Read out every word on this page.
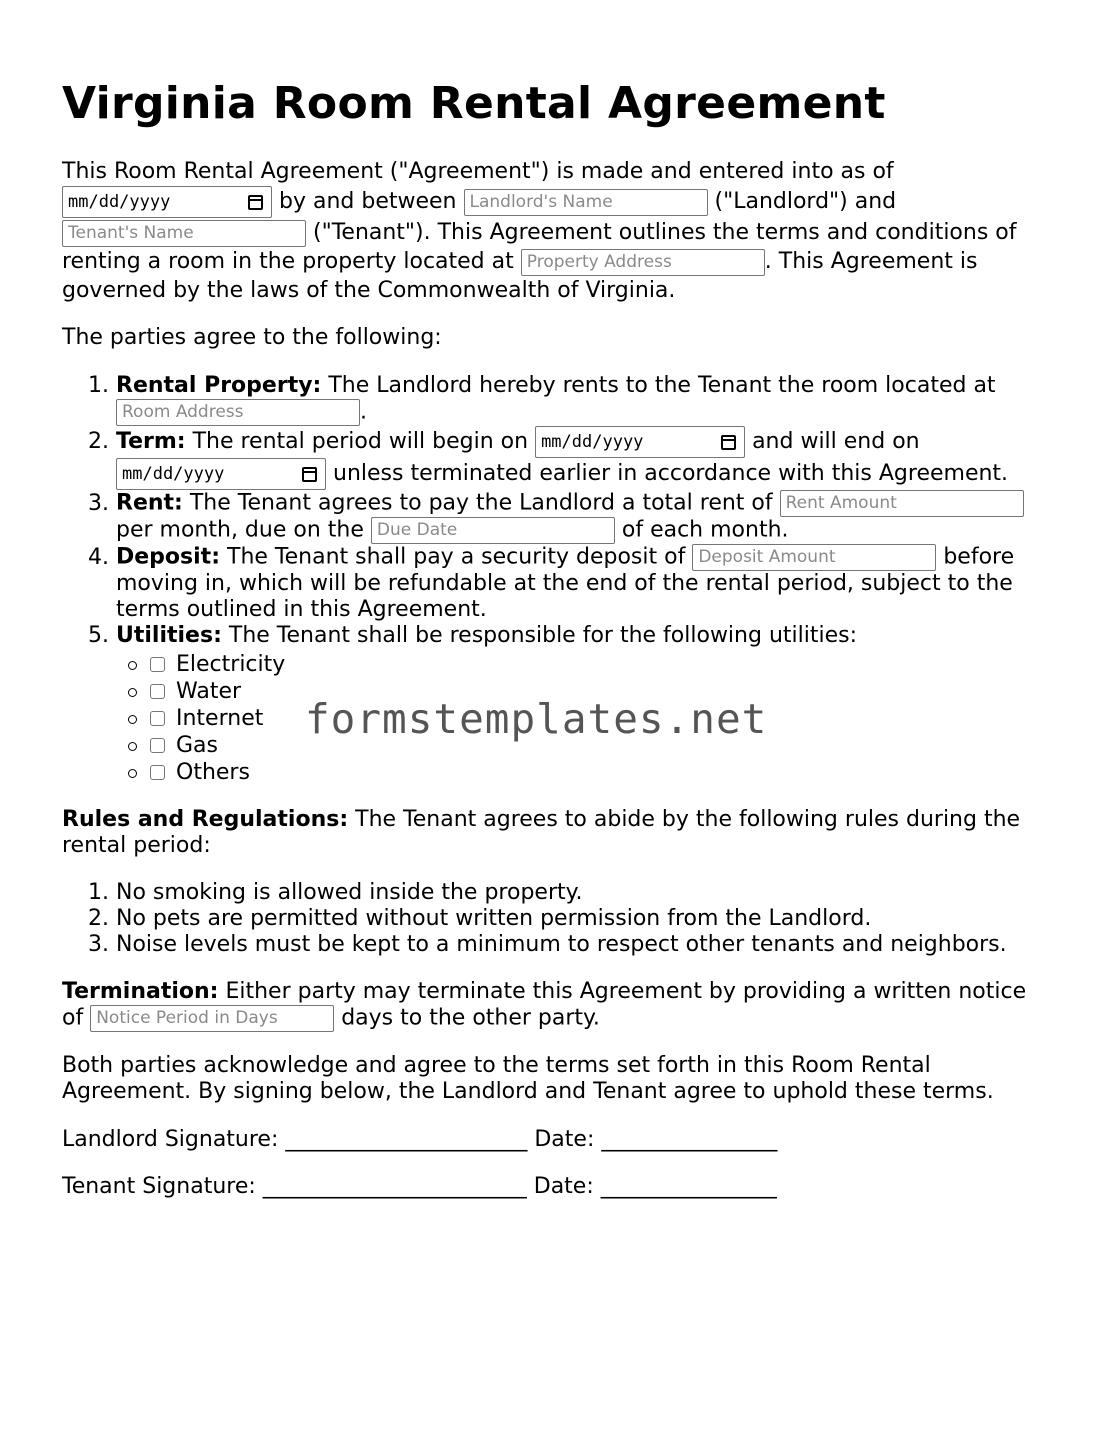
Virginia Room Rental Agreement

This Room Rental Agreement ("Agreement") is made and entered into as of

mm/dd/yyyy	by and between Landlord's Name	("Landlord") and
Tenant's Name	("Tenant"). This Agreement outlines the terms and conditions of renting a room in the property located at Property Address	. This Agreement is governed by the laws of the Commonwealth of Virginia.

The parties agree to the following:

1. Rental Property: The Landlord hereby rents to the Tenant the room located at Room Address	.
2. Term: The rental period will begin on mm/dd/yyyy	and will end on
mm/dd/yyyy	unless terminated earlier in accordance with this Agreement.
3. Rent: The Tenant agrees to pay the Landlord a total rent of Rent Amount per month, due on the Due Date	of each month.
4. Deposit: The Tenant shall pay a security deposit of Deposit Amount	before moving in, which will be refundable at the end of the rental period, subject to the terms outlined in this Agreement.
5. Utilities: The Tenant shall be responsible for the following utilities:
Electricity
Water
Internet
Gas
Others
formstemplates.net

Rules and Regulations: The Tenant agrees to abide by the following rules during the rental period:

1. No smoking is allowed inside the property.
2. No pets are permitted without written permission from the Landlord.
3. Noise levels must be kept to a minimum to respect other tenants and neighbors.

Termination: Either party may terminate this Agreement by providing a written notice of Notice Period in Days	days to the other party.

Both parties acknowledge and agree to the terms set forth in this Room Rental Agreement. By signing below, the Landlord and Tenant agree to uphold these terms.

Landlord Signature: ______________________ Date: ________________
Tenant Signature: ________________________ Date: ________________
